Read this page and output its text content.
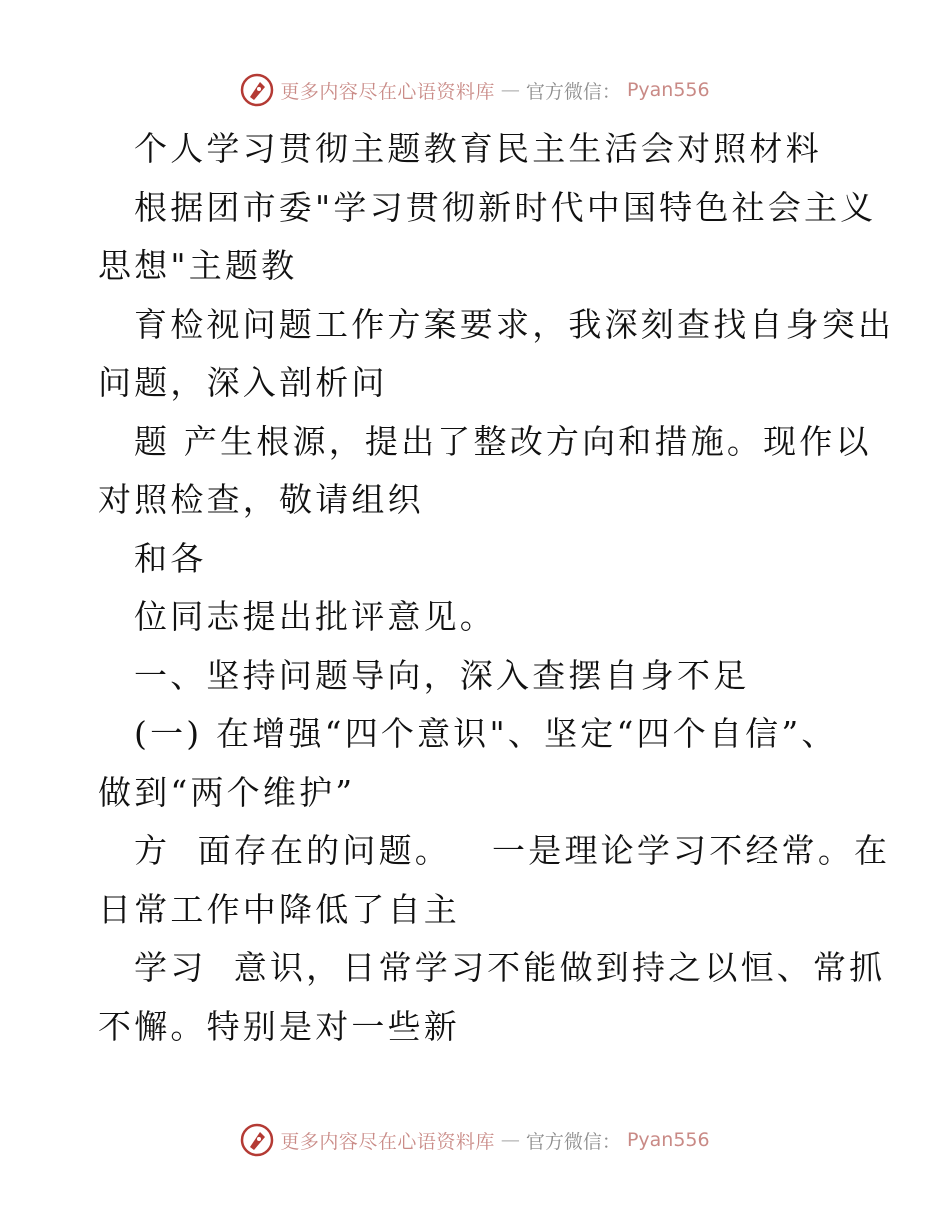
更多内容尽在心语资料库 — 官方微信： Pyan556

个人学习贯彻主题教育民主生活会对照材料

根据团市委"学习贯彻新时代中国特色社会主义

思想"主题教

育检视问题工作方案要求，我深刻查找自身突出

问题，深入剖析问

题 产生根源，提出了整改方向和措施。现作以

对照检查，敬请组织

和各

位同志提出批评意见。

一、坚持问题导向，深入查摆自身不足

(一) 在增强“四个意识"、坚定“四个自信”、

做到“两个维护”

方  面存在的问题。   一是理论学习不经常。在

日常工作中降低了自主

学习  意识，日常学习不能做到持之以恒、常抓

不懈。特别是对一些新

更多内容尽在心语资料库 — 官方微信： Pyan556
